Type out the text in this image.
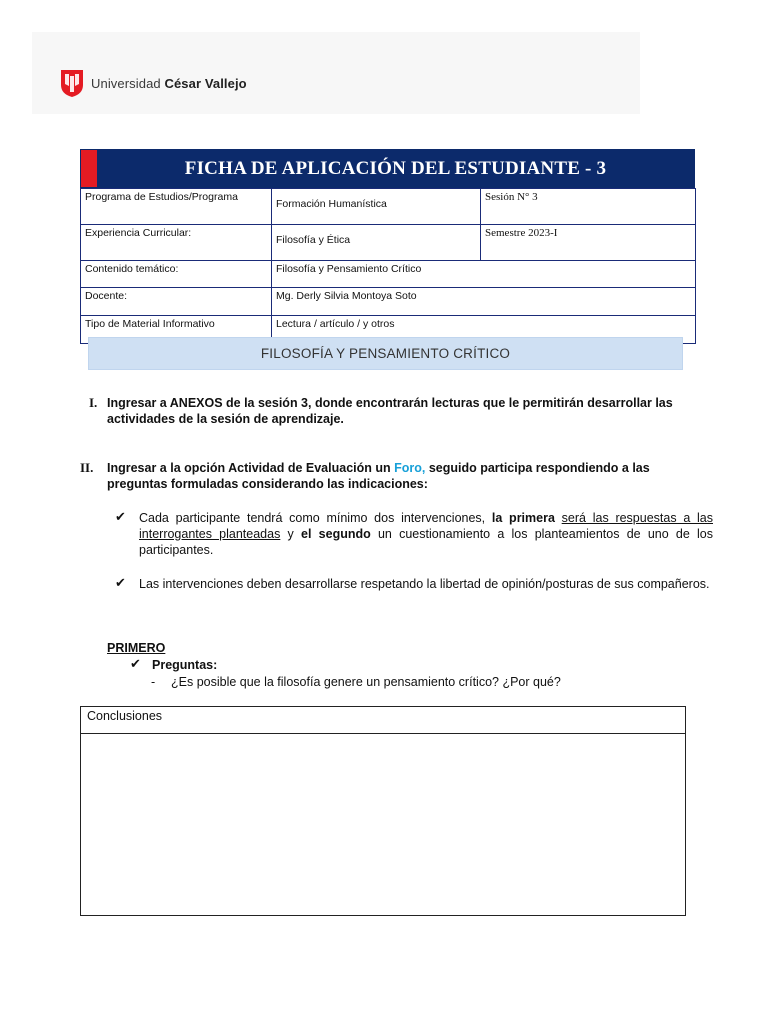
Universidad César Vallejo
FICHA DE APLICACIÓN DEL ESTUDIANTE - 3
Programa de Estudios/Programa	Formación Humanística	Sesión N° 3
Experiencia Curricular:	Filosofía y Ética	Semestre 2023-I
Contenido temático:	Filosofía y Pensamiento Crítico	
Docente:	Mg. Derly Silvia Montoya Soto	
Tipo de Material Informativo	Lectura / artículo / y otros	
FILOSOFÍA Y PENSAMIENTO CRÍTICO
I. Ingresar a ANEXOS de la sesión 3, donde encontrarán lecturas que le permitirán desarrollar las actividades de la sesión de aprendizaje.
II. Ingresar a la opción Actividad de Evaluación un Foro, seguido participa respondiendo a las preguntas formuladas considerando las indicaciones:
✔ Cada participante tendrá como mínimo dos intervenciones, la primera será las respuestas a las interrogantes planteadas y el segundo un cuestionamiento a los planteamientos de uno de los participantes.
✔ Las intervenciones deben desarrollarse respetando la libertad de opinión/posturas de sus compañeros.
PRIMERO
✔ Preguntas:
- ¿Es posible que la filosofía genere un pensamiento crítico? ¿Por qué?
Conclusiones
